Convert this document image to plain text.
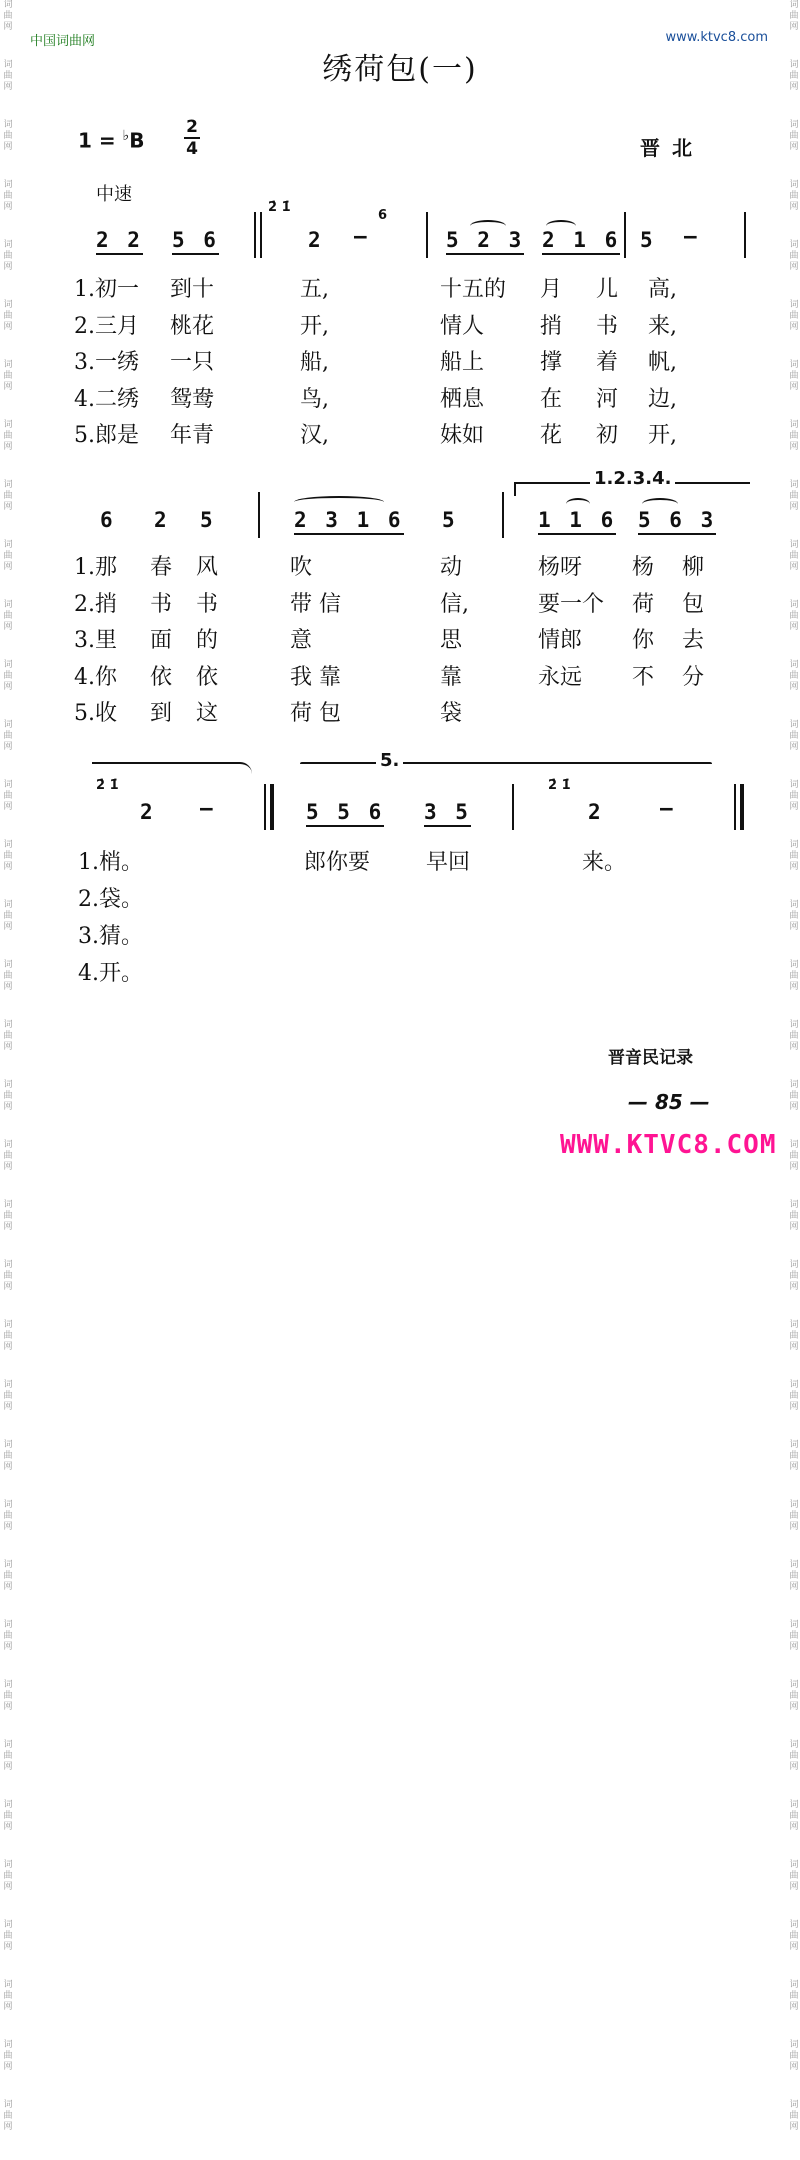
词
曲
网
词
曲
网
词
曲
网
词
曲
网
词
曲
网
词
曲
网
词
曲
网
词
曲
网
词
曲
网
词
曲
网
词
曲
网
词
曲
网
词
曲
网
词
曲
网
词
曲
网
词
曲
网
词
曲
网
词
曲
网
词
曲
网
词
曲
网
词
曲
网
词
曲
网
词
曲
网
词
曲
网
词
曲
网
词
曲
网
词
曲
网
词
曲
网
词
曲
网
词
曲
网
词
曲
网
词
曲
网
词
曲
网
词
曲
网
词
曲
网
词
曲
网
词
曲
网
词
曲
网
词
曲
网
词
曲
网
词
曲
网
词
曲
网
词
曲
网
词
曲
网
词
曲
网
词
曲
网
词
曲
网
词
曲
网
词
曲
网
词
曲
网
词
曲
网
词
曲
网
词
曲
网
词
曲
网
词
曲
网
词
曲
网
词
曲
网
词
曲
网
词
曲
网
词
曲
网
词
曲
网
词
曲
网
词
曲
网
词
曲
网
词
曲
网
词
曲
网
词
曲
网
词
曲
网
词
曲
网
词
曲
网
词
曲
网
词
曲
网
中国词曲网	www.ktvc8.com
绣荷包(一)
1 = ♭B
2
4	晋北
中速
2 2 5 6
2̇ 1̇
2 —
6
5 2 3 2 1 6 5 —
1.初一 到十	五,	十五的 月 儿 高,
2.三月 桃花	开,	情人	捎 书 来,
3.一绣 一只	船,	船上	撑 着 帆,
4.二绣 鸳鸯	鸟,	栖息	在 河 边,
5.郎是 年青	汉,	妹如	花 初 开,
1.2.3.4.
6 2 5	2 3 1 6 5	1 1 6 5 6 3
1.那 春 风	吹	动	杨呀 杨 柳
2.捎 书 书	带 信	信,	要一个 荷 包
3.里 面 的	意	思	情郎 你 去
4.你 依 依	我 靠	靠	永远 不 分
5.收 到 这	荷 包	袋
5.
2̇ 1̇
2 —	5 5 6 3 5
2̇ 1̇
2	—
1.梢。	郎你要	早回	来。
2.袋。
3.猜。
4.开。
晋音民记录
— 85 —
WWW.KTVC8.COM
